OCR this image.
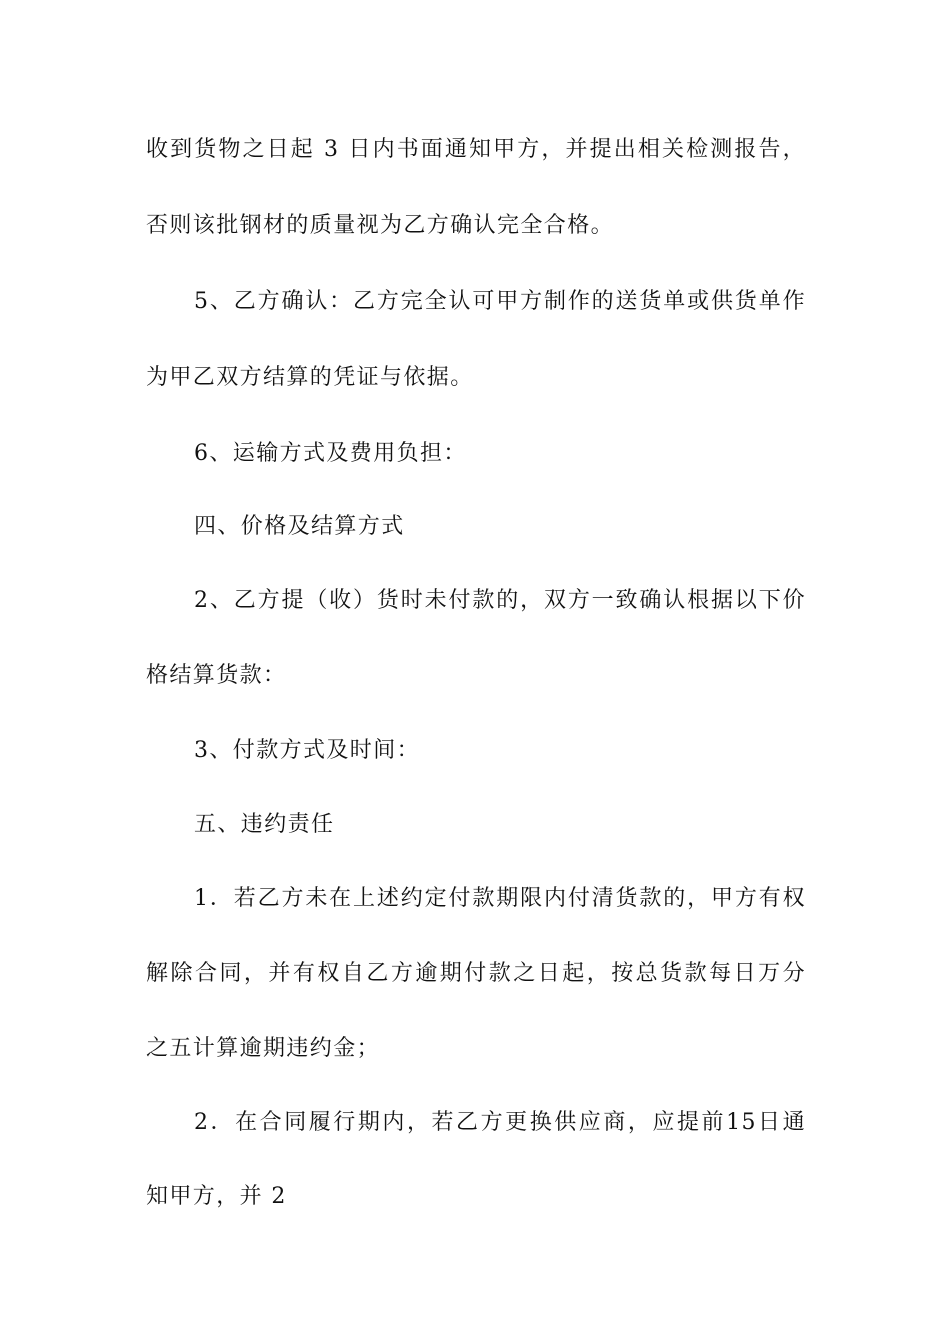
收到货物之日起 3 日内书面通知甲方，并提出相关检测报告，
否则该批钢材的质量视为乙方确认完全合格。
5、乙方确认：乙方完全认可甲方制作的送货单或供货单作
为甲乙双方结算的凭证与依据。
6、运输方式及费用负担：
四、价格及结算方式
2、乙方提（收）货时未付款的，双方一致确认根据以下价
格结算货款：
3、付款方式及时间：
五、违约责任
1．若乙方未在上述约定付款期限内付清货款的，甲方有权
解除合同，并有权自乙方逾期付款之日起，按总货款每日万分
之五计算逾期违约金；
2．在合同履行期内，若乙方更换供应商，应提前15日通
知甲方，并 2
